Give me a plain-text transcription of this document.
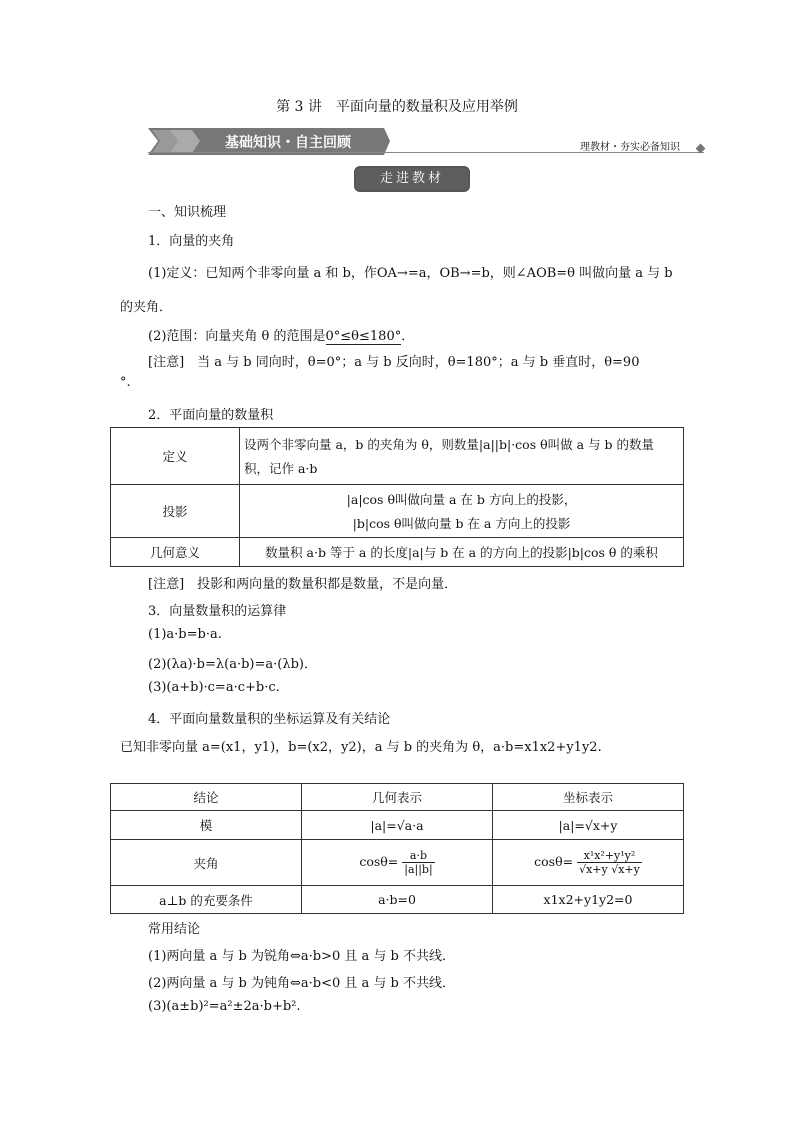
第 3 讲　平面向量的数量积及应用举例
基础知识・自主回顾	理教材・夯实必备知识
走进教材
一、知识梳理
1．向量的夹角
(1)定义：已知两个非零向量 a 和 b，作OA→=a，OB→=b，则∠AOB=θ 叫做向量 a 与 b
的夹角．
(2)范围：向量夹角 θ 的范围是0°≤θ≤180°．
[注意]　当 a 与 b 同向时，θ=0°；a 与 b 反向时，θ=180°；a 与 b 垂直时，θ=90
°.
2．平面向量的数量积
定义	设两个非零向量 a，b 的夹角为 θ，则数量|a||b|·cos θ叫做 a 与 b 的数量
积，记作 a·b

投影	|a|cos θ叫做向量 a 在 b 方向上的投影，
|b|cos θ叫做向量 b 在 a 方向上的投影

几何意义	数量积 a·b 等于 a 的长度|a|与 b 在 a 的方向上的投影|b|cos θ 的乘积
[注意]　投影和两向量的数量积都是数量，不是向量．
3．向量数量积的运算律
(1)a·b=b·a.
(2)(λa)·b=λ(a·b)=a·(λb)．
(3)(a+b)·c=a·c+b·c.
4．平面向量数量积的坐标运算及有关结论
已知非零向量 a=(x1，y1)，b=(x2，y2)，a 与 b 的夹角为 θ，a·b=x1x2+y1y2.
结论	几何表示	坐标表示
模	|a|=√a·a	|a|=√x+y
夹角	$\cos\theta= \frac{a\cdot b}{|a||b|}$	$\cos\theta= \frac{\text{x¹x²+y¹y²}}{√x+y √x+y}$

a⊥b 的充要条件	a·b=0	x1x2+y1y2=0
常用结论
(1)两向量 a 与 b 为锐角⇔a·b>0 且 a 与 b 不共线．
(2)两向量 a 与 b 为钝角⇔a·b<0 且 a 与 b 不共线．
(3)(a±b)²=a²±2a·b+b².
